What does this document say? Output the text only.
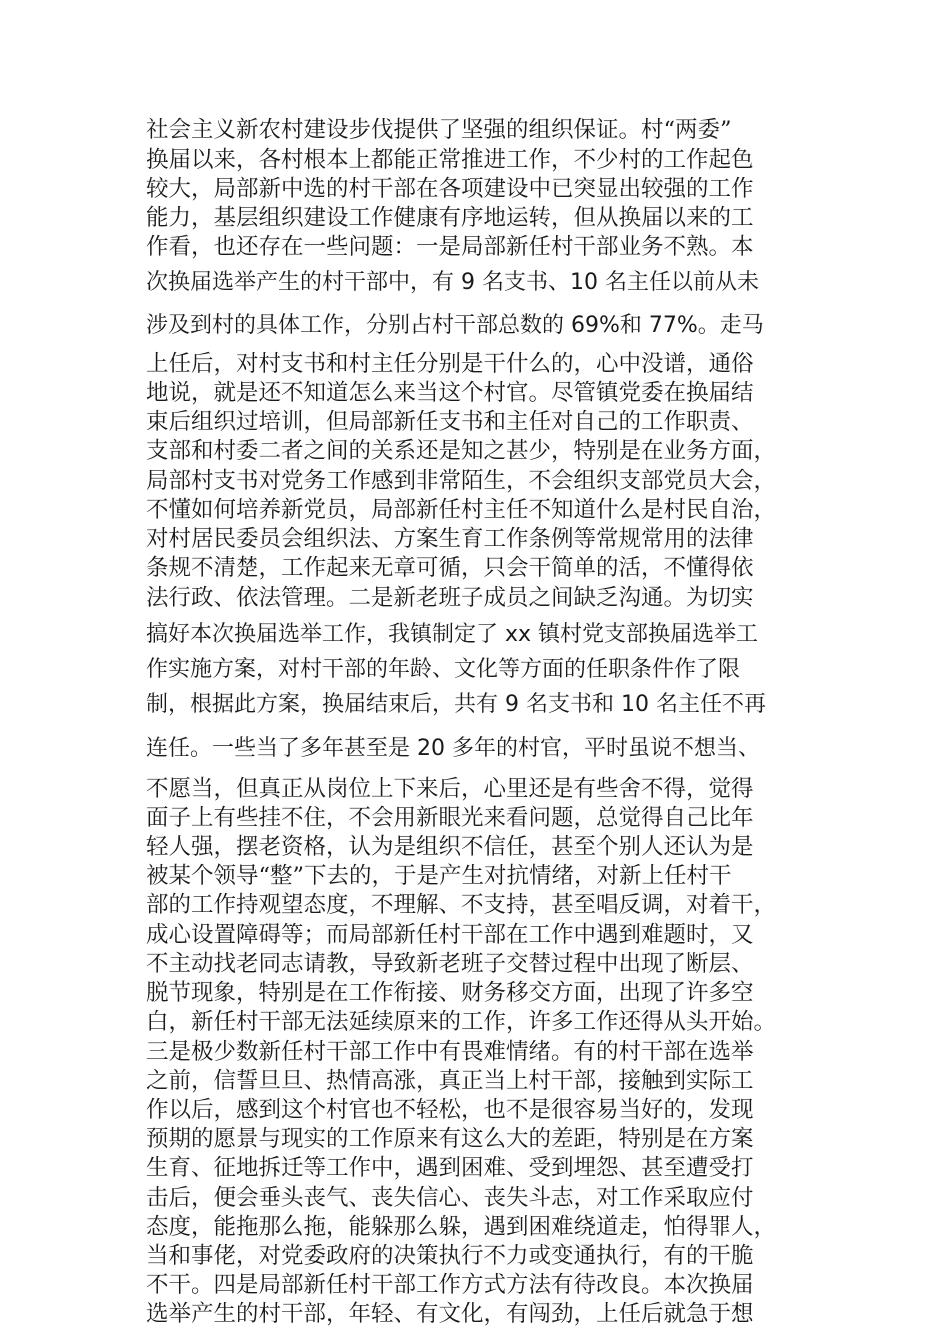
社会主义新农村建设步伐提供了坚强的组织保证。村“两委”

换届以来，各村根本上都能正常推进工作，不少村的工作起色

较大，局部新中选的村干部在各项建设中已突显出较强的工作

能力，基层组织建设工作健康有序地运转，但从换届以来的工

作看，也还存在一些问题：一是局部新任村干部业务不熟。本

次换届选举产生的村干部中，有 9 名支书、10 名主任以前从未

涉及到村的具体工作，分别占村干部总数的 69%和 77%。走马

上任后，对村支书和村主任分别是干什么的，心中没谱，通俗

地说，就是还不知道怎么来当这个村官。尽管镇党委在换届结

束后组织过培训，但局部新任支书和主任对自己的工作职责、

支部和村委二者之间的关系还是知之甚少，特别是在业务方面，

局部村支书对党务工作感到非常陌生，不会组织支部党员大会，

不懂如何培养新党员，局部新任村主任不知道什么是村民自治，

对村居民委员会组织法、方案生育工作条例等常规常用的法律

条规不清楚，工作起来无章可循，只会干简单的活，不懂得依

法行政、依法管理。二是新老班子成员之间缺乏沟通。为切实

搞好本次换届选举工作，我镇制定了 xx 镇村党支部换届选举工

作实施方案，对村干部的年龄、文化等方面的任职条件作了限

制，根据此方案，换届结束后，共有 9 名支书和 10 名主任不再

连任。一些当了多年甚至是 20 多年的村官，平时虽说不想当、

不愿当，但真正从岗位上下来后，心里还是有些舍不得，觉得

面子上有些挂不住，不会用新眼光来看问题，总觉得自己比年

轻人强，摆老资格，认为是组织不信任，甚至个别人还认为是

被某个领导“整”下去的，于是产生对抗情绪，对新上任村干

部的工作持观望态度，不理解、不支持，甚至唱反调，对着干，

成心设置障碍等；而局部新任村干部在工作中遇到难题时，又

不主动找老同志请教，导致新老班子交替过程中出现了断层、

脱节现象，特别是在工作衔接、财务移交方面，出现了许多空

白，新任村干部无法延续原来的工作，许多工作还得从头开始。

三是极少数新任村干部工作中有畏难情绪。有的村干部在选举

之前，信誓旦旦、热情高涨，真正当上村干部，接触到实际工

作以后，感到这个村官也不轻松，也不是很容易当好的，发现

预期的愿景与现实的工作原来有这么大的差距，特别是在方案

生育、征地拆迁等工作中，遇到困难、受到埋怨、甚至遭受打

击后，便会垂头丧气、丧失信心、丧失斗志，对工作采取应付

态度，能拖那么拖，能躲那么躲，遇到困难绕道走，怕得罪人，

当和事佬，对党委政府的决策执行不力或变通执行，有的干脆

不干。四是局部新任村干部工作方式方法有待改良。本次换届

选举产生的村干部，年轻、有文化，有闯劲，上任后就急于想
